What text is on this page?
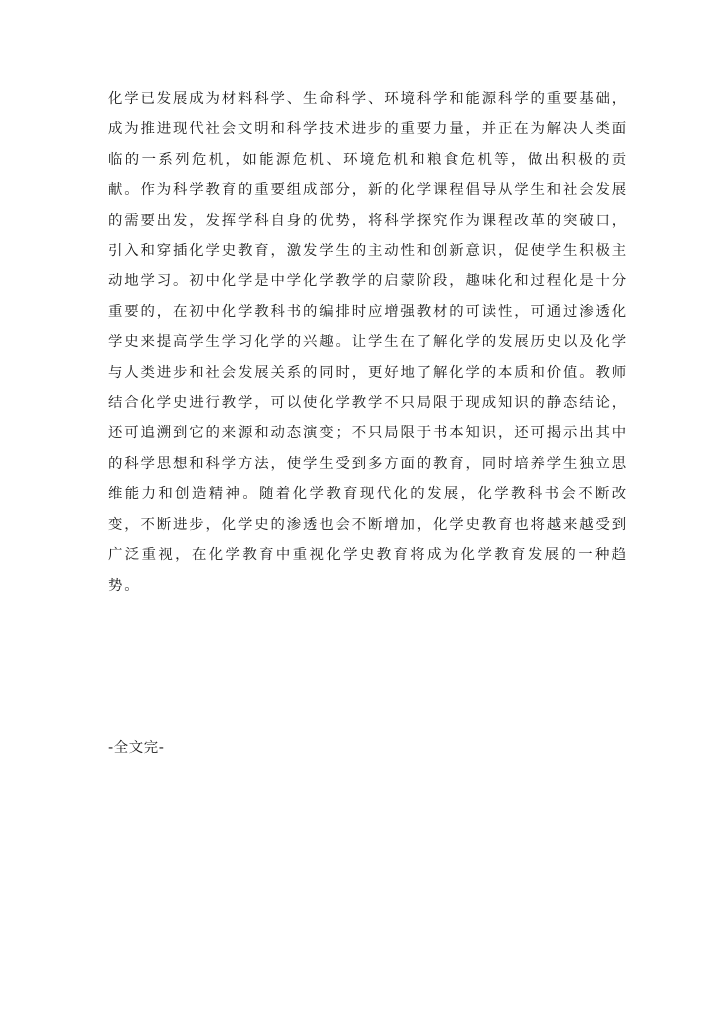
化学已发展成为材料科学、生命科学、环境科学和能源科学的重要基础，成为推进现代社会文明和科学技术进步的重要力量，并正在为解决人类面临的一系列危机，如能源危机、环境危机和粮食危机等，做出积极的贡献。作为科学教育的重要组成部分，新的化学课程倡导从学生和社会发展的需要出发，发挥学科自身的优势，将科学探究作为课程改革的突破口，引入和穿插化学史教育，激发学生的主动性和创新意识，促使学生积极主动地学习。初中化学是中学化学教学的启蒙阶段，趣味化和过程化是十分重要的，在初中化学教科书的编排时应增强教材的可读性，可通过渗透化学史来提高学生学习化学的兴趣。让学生在了解化学的发展历史以及化学与人类进步和社会发展关系的同时，更好地了解化学的本质和价值。教师结合化学史进行教学，可以使化学教学不只局限于现成知识的静态结论，还可追溯到它的来源和动态演变；不只局限于书本知识，还可揭示出其中的科学思想和科学方法，使学生受到多方面的教育，同时培养学生独立思维能力和创造精神。随着化学教育现代化的发展，化学教科书会不断改变，不断进步，化学史的渗透也会不断增加，化学史教育也将越来越受到广泛重视，在化学教育中重视化学史教育将成为化学教育发展的一种趋势。

-全文完-
